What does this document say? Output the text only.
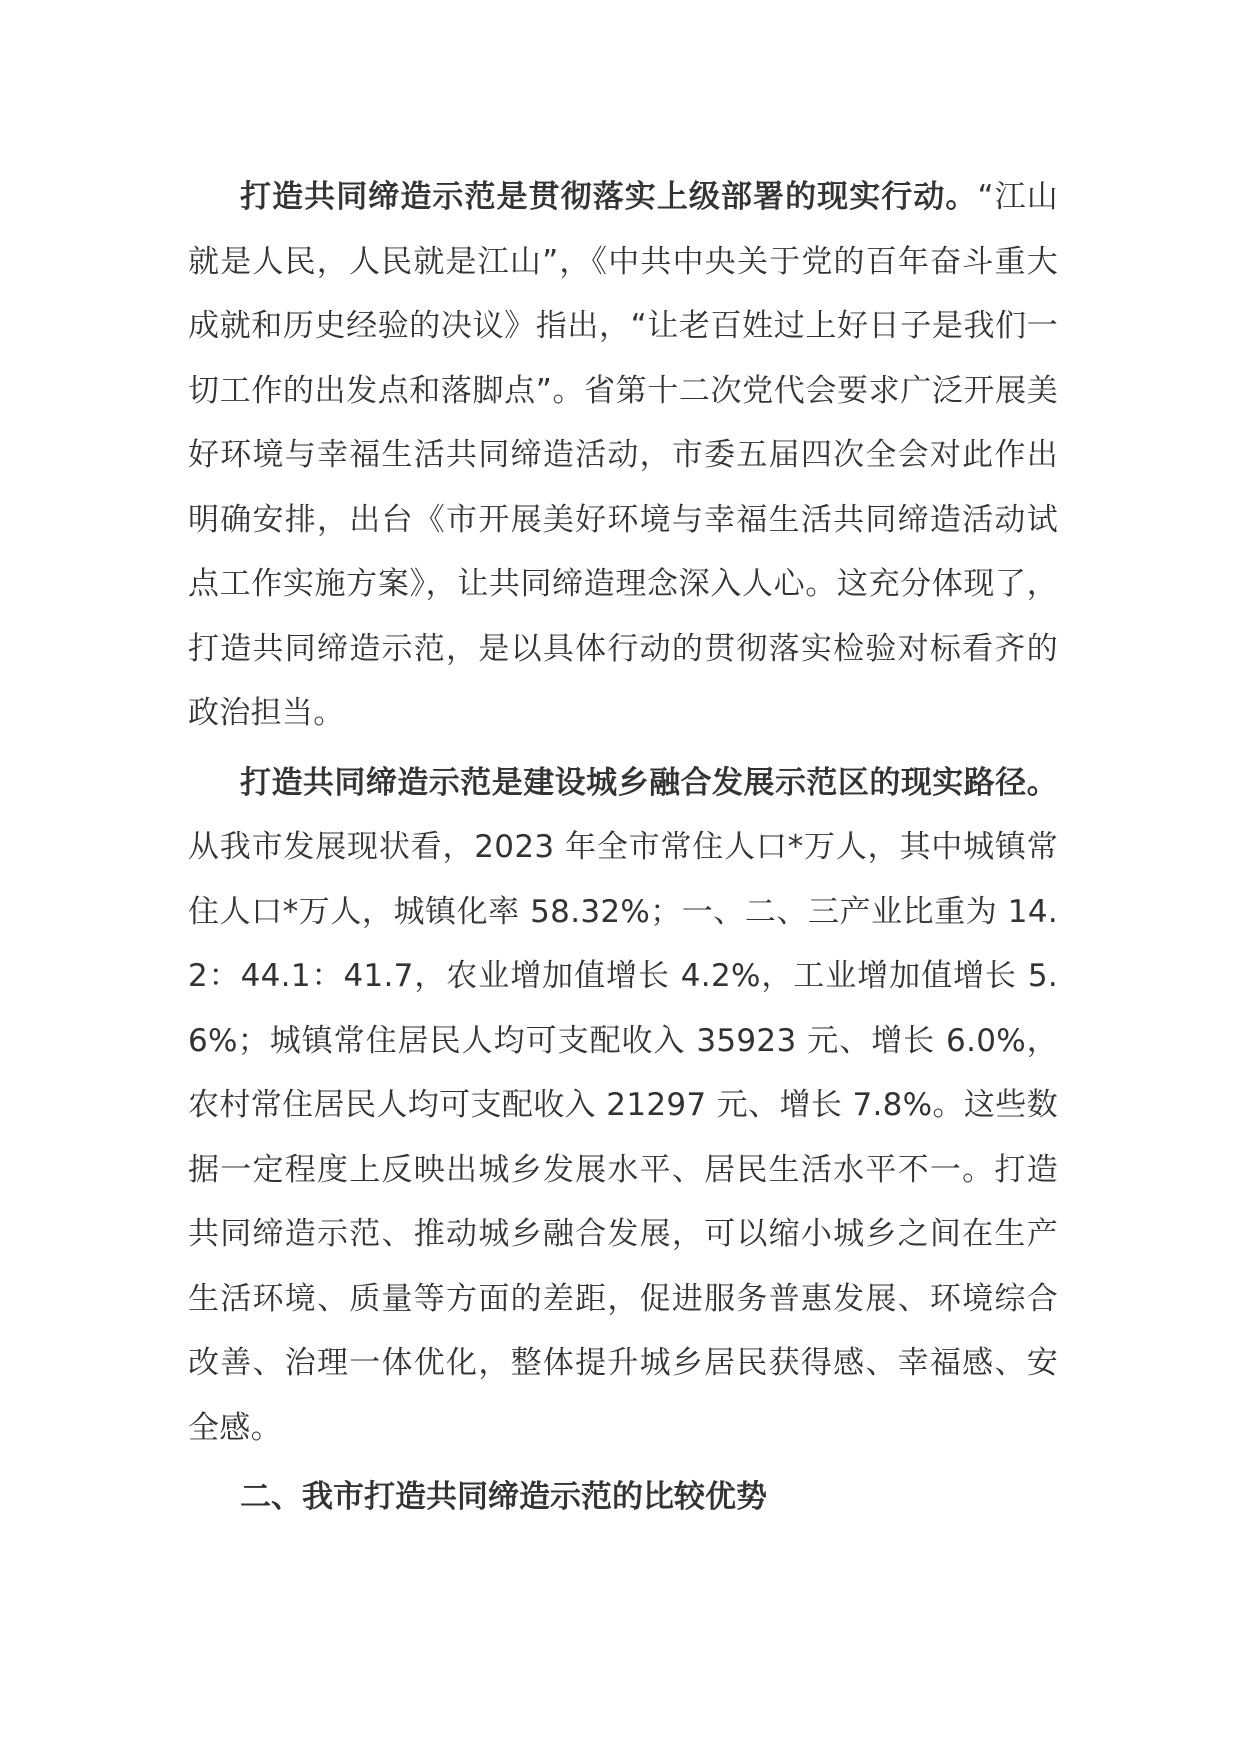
打造共同缔造示范是贯彻落实上级部署的现实行动。“江山就是人民，人民就是江山”，《中共中央关于党的百年奋斗重大成就和历史经验的决议》指出，“让老百姓过上好日子是我们一切工作的出发点和落脚点”。省第十二次党代会要求广泛开展美好环境与幸福生活共同缔造活动，市委五届四次全会对此作出明确安排，出台《市开展美好环境与幸福生活共同缔造活动试点工作实施方案》，让共同缔造理念深入人心。这充分体现了，打造共同缔造示范，是以具体行动的贯彻落实检验对标看齐的政治担当。

打造共同缔造示范是建设城乡融合发展示范区的现实路径。从我市发展现状看，2023 年全市常住人口*万人，其中城镇常住人口*万人，城镇化率 58.32%；一、二、三产业比重为 14.2：44.1：41.7，农业增加值增长 4.2%，工业增加值增长 5.6%；城镇常住居民人均可支配收入 35923 元、增长 6.0%，农村常住居民人均可支配收入 21297 元、增长 7.8%。这些数据一定程度上反映出城乡发展水平、居民生活水平不一。打造共同缔造示范、推动城乡融合发展，可以缩小城乡之间在生产生活环境、质量等方面的差距，促进服务普惠发展、环境综合改善、治理一体优化，整体提升城乡居民获得感、幸福感、安全感。

二、我市打造共同缔造示范的比较优势
